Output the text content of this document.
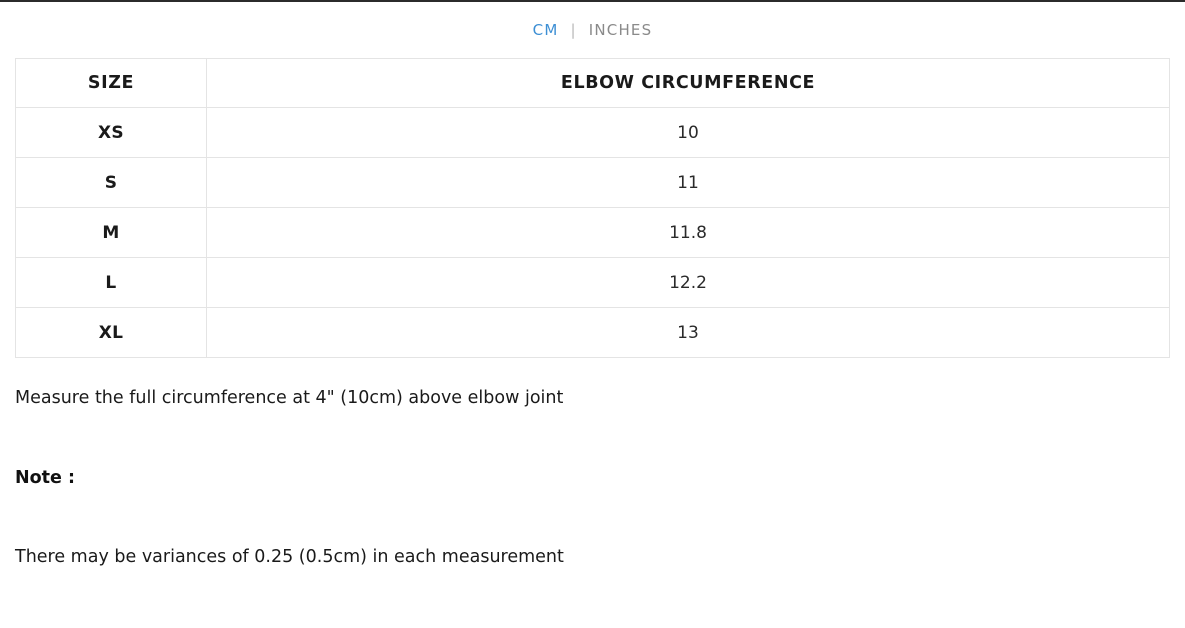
CM | INCHES
SIZE	ELBOW CIRCUMFERENCE
XS	10
S	11
M	11.8
L	12.2
XL	13

Measure the full circumference at 4" (10cm) above elbow joint

Note :

There may be variances of 0.25 (0.5cm) in each measurement
